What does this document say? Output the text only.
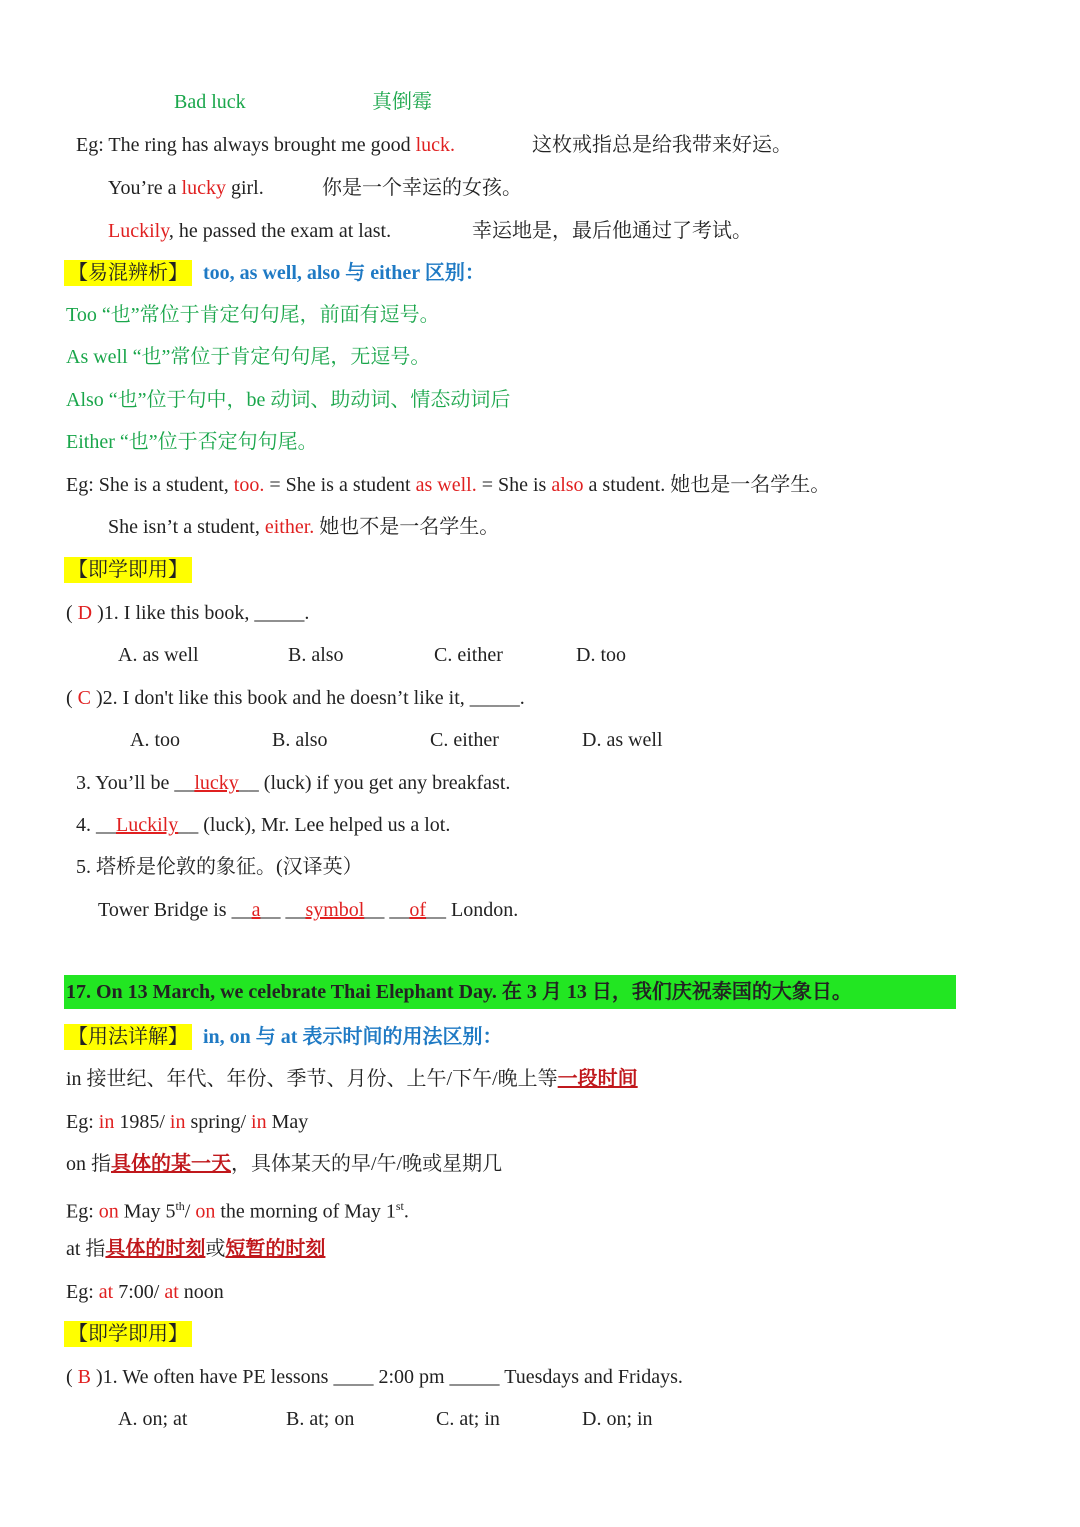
Bad luck	真倒霉
Eg: The ring has always brought me good luck.	这枚戒指总是给我带来好运。
You’re a lucky girl.	你是一个幸运的女孩。
Luckily, he passed the exam at last.	幸运地是，最后他通过了考试。
【易混辨析】 too, as well, also 与 either 区别：
Too “也”常位于肯定句句尾，前面有逗号。
As well “也”常位于肯定句句尾，无逗号。
Also “也”位于句中，be 动词、助动词、情态动词后
Either “也”位于否定句句尾。
Eg: She is a student, too. = She is a student as well. = She is also a student. 她也是一名学生。
She isn’t a student, either. 她也不是一名学生。
【即学即用】
( D )1. I like this book, _____.
A. as well	B. also	C. either	D. too
( C )2. I don't like this book and he doesn’t like it, _____.
A. too	B. also	C. either	D. as well
3. You’ll be __lucky__ (luck) if you get any breakfast.
4. __Luckily__ (luck), Mr. Lee helped us a lot.
5. 塔桥是伦敦的象征。(汉译英）
Tower Bridge is __a__ __symbol__ __of__ London.
17. On 13 March, we celebrate Thai Elephant Day. 在 3 月 13 日，我们庆祝泰国的大象日。
【用法详解】 in, on 与 at 表示时间的用法区别：
in 接世纪、年代、年份、季节、月份、上午/下午/晚上等一段时间
Eg: in 1985/ in spring/ in May
on 指具体的某一天，具体某天的早/午/晚或星期几
Eg: on May 5th/ on the morning of May 1st.
at 指具体的时刻或短暂的时刻
Eg: at 7:00/ at noon
【即学即用】
( B )1. We often have PE lessons ____ 2:00 pm _____ Tuesdays and Fridays.
A. on; at	B. at; on	C. at; in	D. on; in
